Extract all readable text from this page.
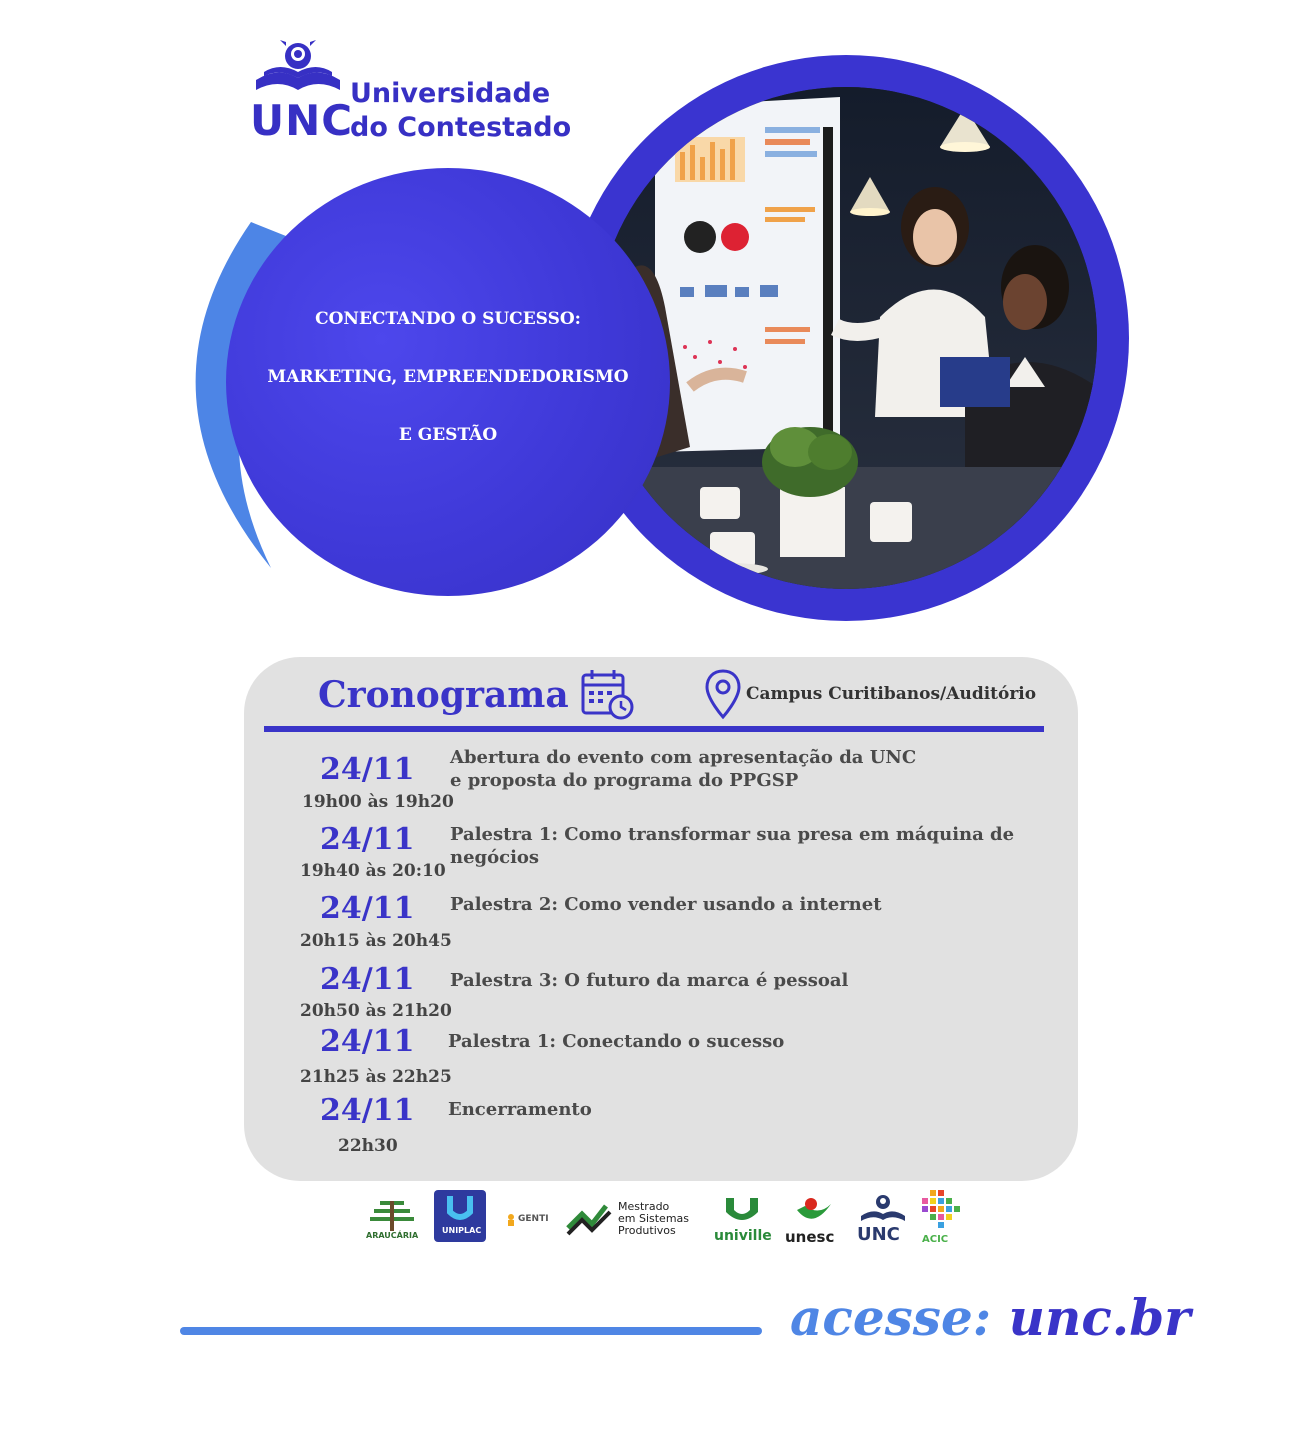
UNC
Universidade
do Contestado
CONECTANDO O SUCESSO:
MARKETING, EMPREENDEDORISMO
E GESTÃO
Cronograma	Campus Curitibanos/Auditório
24/11
19h00 às 19h20
Abertura do evento com apresentação da UNC
e proposta do programa do PPGSP
24/11
19h40 às 20:10
Palestra 1: Como transformar sua presa em máquina de
negócios
24/11
20h15 às 20h45
Palestra 2: Como vender usando a internet
24/11
20h50 às 21h20
Palestra 3: O futuro da marca é pessoal
24/11
21h25 às 22h25
Palestra 1: Conectando o sucesso
24/11
22h30
Encerramento
ARAUCÁRIA
UNIPLAC
GENTI
Mestrado
em Sistemas
Produtivos	univille unesc UNC ACIC
acesse: unc.br
